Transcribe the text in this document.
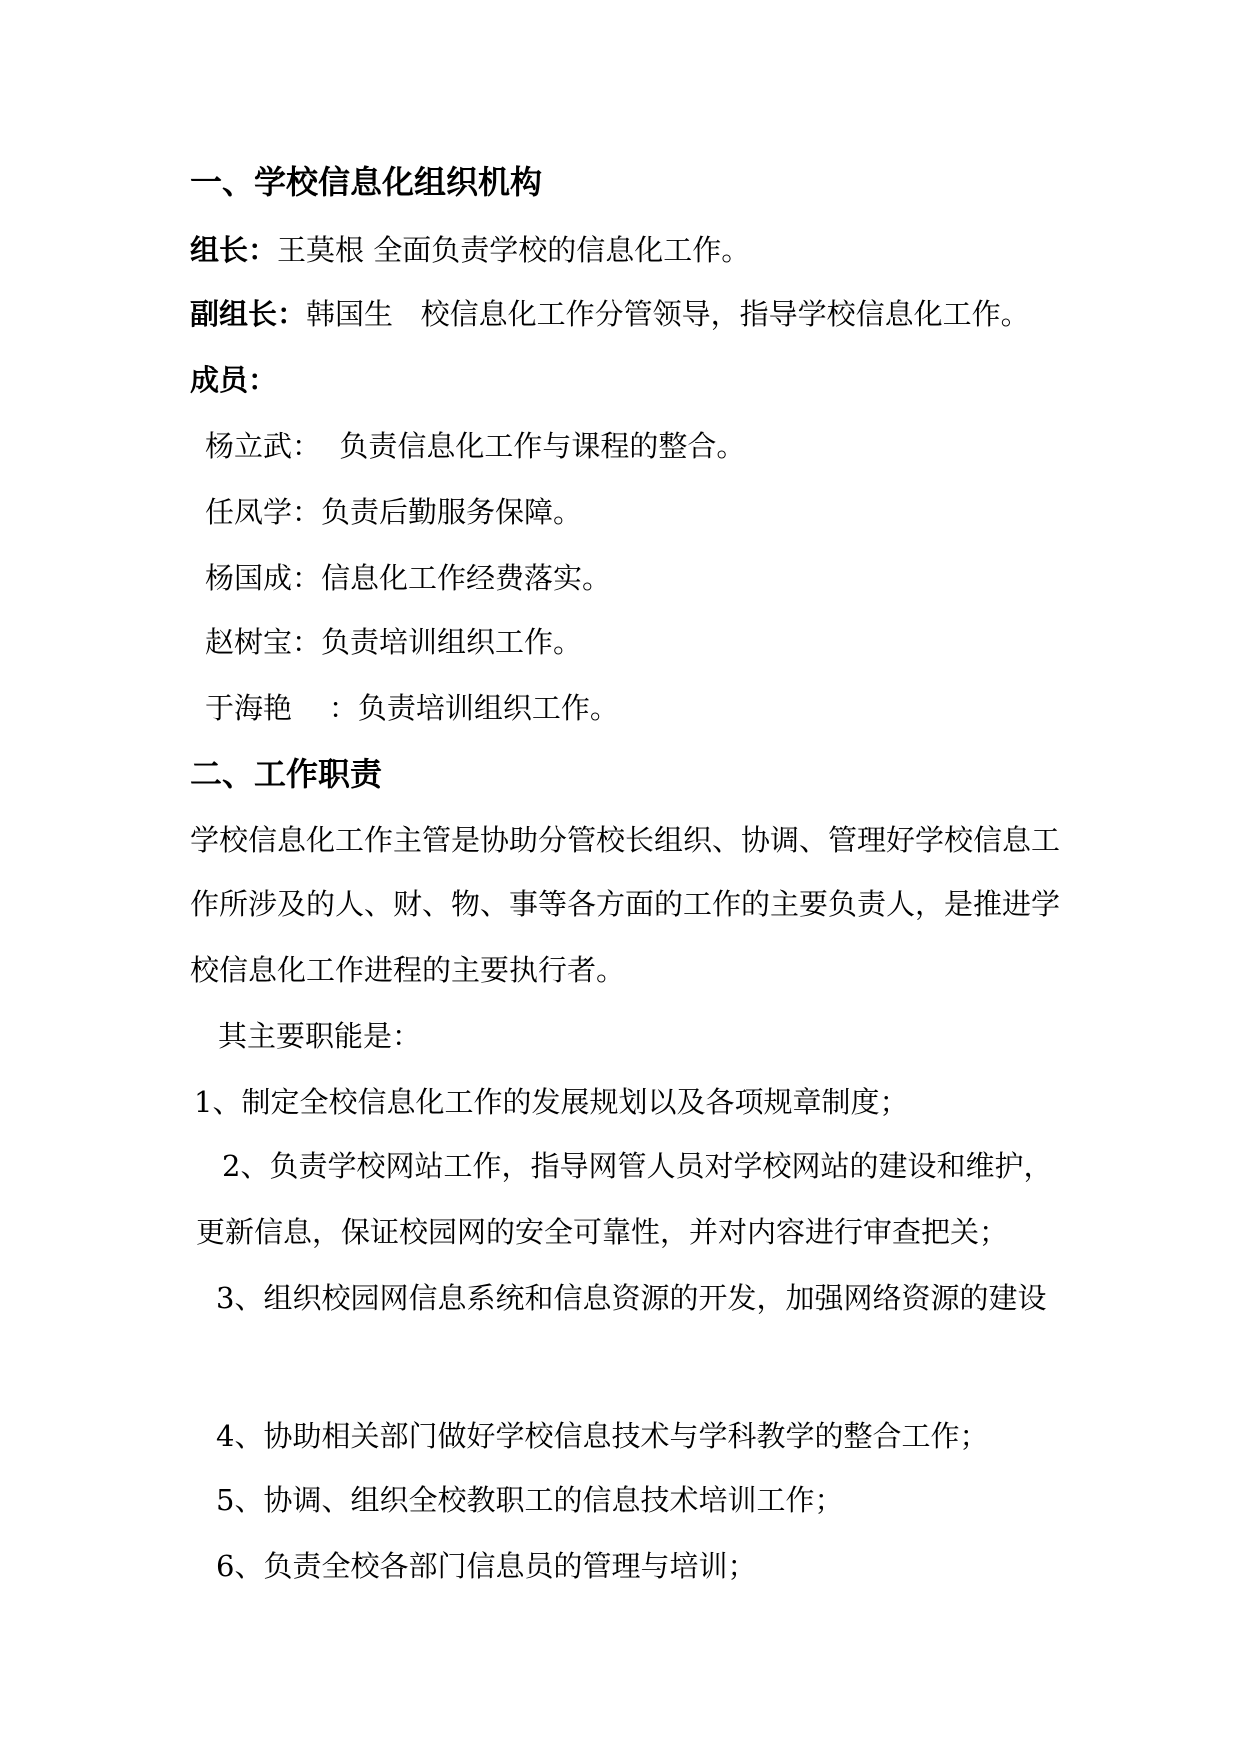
一、学校信息化组织机构
组长：王莫根 全面负责学校的信息化工作。
副组长：韩国生   校信息化工作分管领导，指导学校信息化工作。
成员：
杨立武：  负责信息化工作与课程的整合。
任凤学：负责后勤服务保障。
杨国成：信息化工作经费落实。
赵树宝：负责培训组织工作。
于海艳    ：负责培训组织工作。
二、工作职责
学校信息化工作主管是协助分管校长组织、协调、管理好学校信息工
作所涉及的人、财、物、事等各方面的工作的主要负责人，是推进学
校信息化工作进程的主要执行者。
其主要职能是：
1、制定全校信息化工作的发展规划以及各项规章制度；
2、负责学校网站工作，指导网管人员对学校网站的建设和维护，
更新信息，保证校园网的安全可靠性，并对内容进行审查把关；
3、组织校园网信息系统和信息资源的开发，加强网络资源的建设
4、协助相关部门做好学校信息技术与学科教学的整合工作；
5、协调、组织全校教职工的信息技术培训工作；
6、负责全校各部门信息员的管理与培训；
